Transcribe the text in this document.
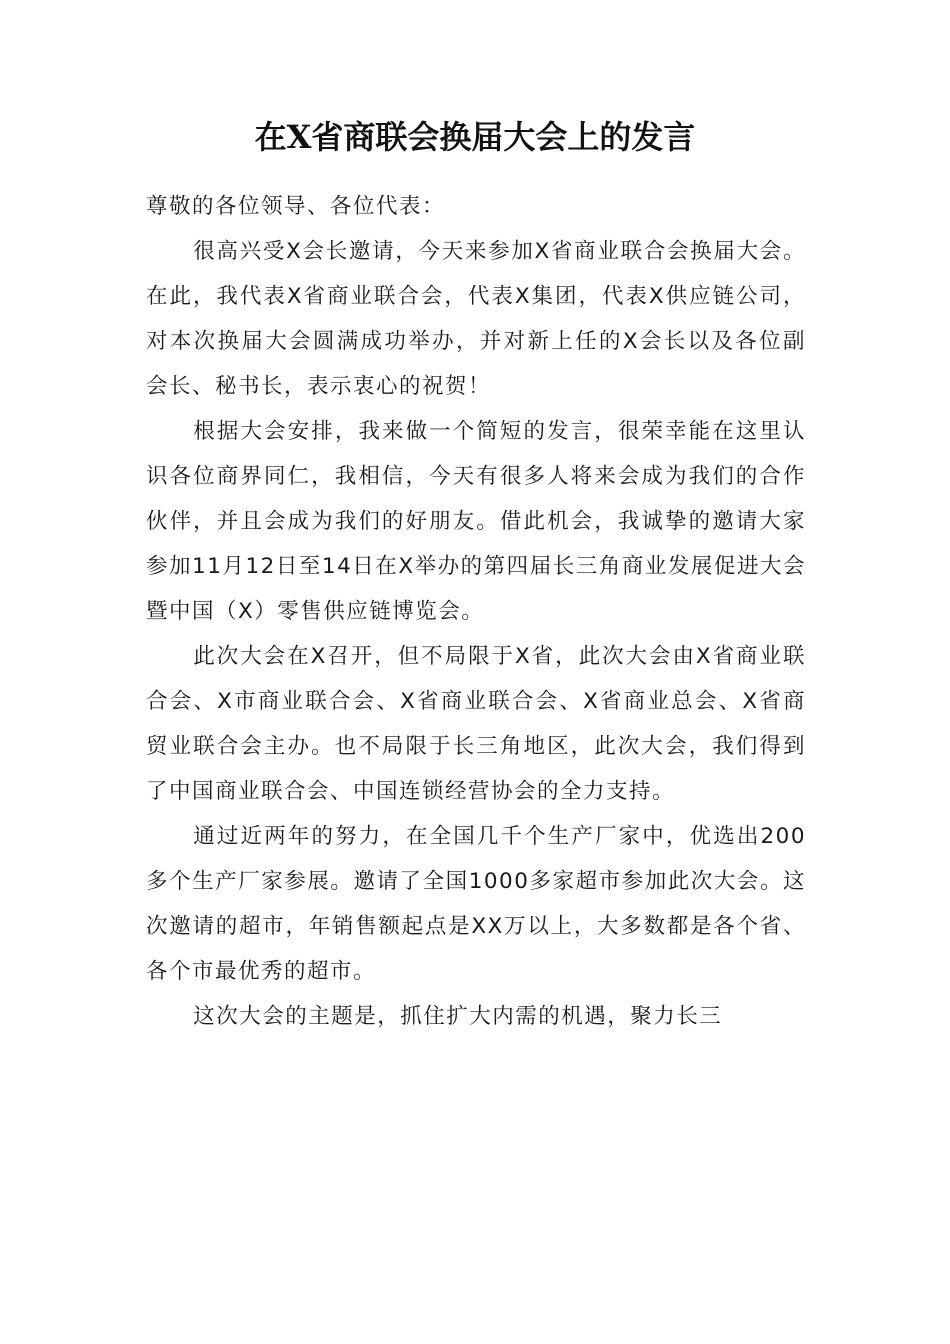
在X省商联会换届大会上的发言

尊敬的各位领导、各位代表：

很高兴受X会长邀请，今天来参加X省商业联合会换届大会。在此，我代表X省商业联合会，代表X集团，代表X供应链公司，对本次换届大会圆满成功举办，并对新上任的X会长以及各位副会长、秘书长，表示衷心的祝贺！

根据大会安排，我来做一个简短的发言，很荣幸能在这里认识各位商界同仁，我相信，今天有很多人将来会成为我们的合作伙伴，并且会成为我们的好朋友。借此机会，我诚挚的邀请大家参加11月12日至14日在X举办的第四届长三角商业发展促进大会暨中国（X）零售供应链博览会。

此次大会在X召开，但不局限于X省，此次大会由X省商业联合会、X市商业联合会、X省商业联合会、X省商业总会、X省商贸业联合会主办。也不局限于长三角地区，此次大会，我们得到了中国商业联合会、中国连锁经营协会的全力支持。

通过近两年的努力，在全国几千个生产厂家中，优选出200多个生产厂家参展。邀请了全国1000多家超市参加此次大会。这次邀请的超市，年销售额起点是XX万以上，大多数都是各个省、各个市最优秀的超市。

这次大会的主题是，抓住扩大内需的机遇，聚力长三
